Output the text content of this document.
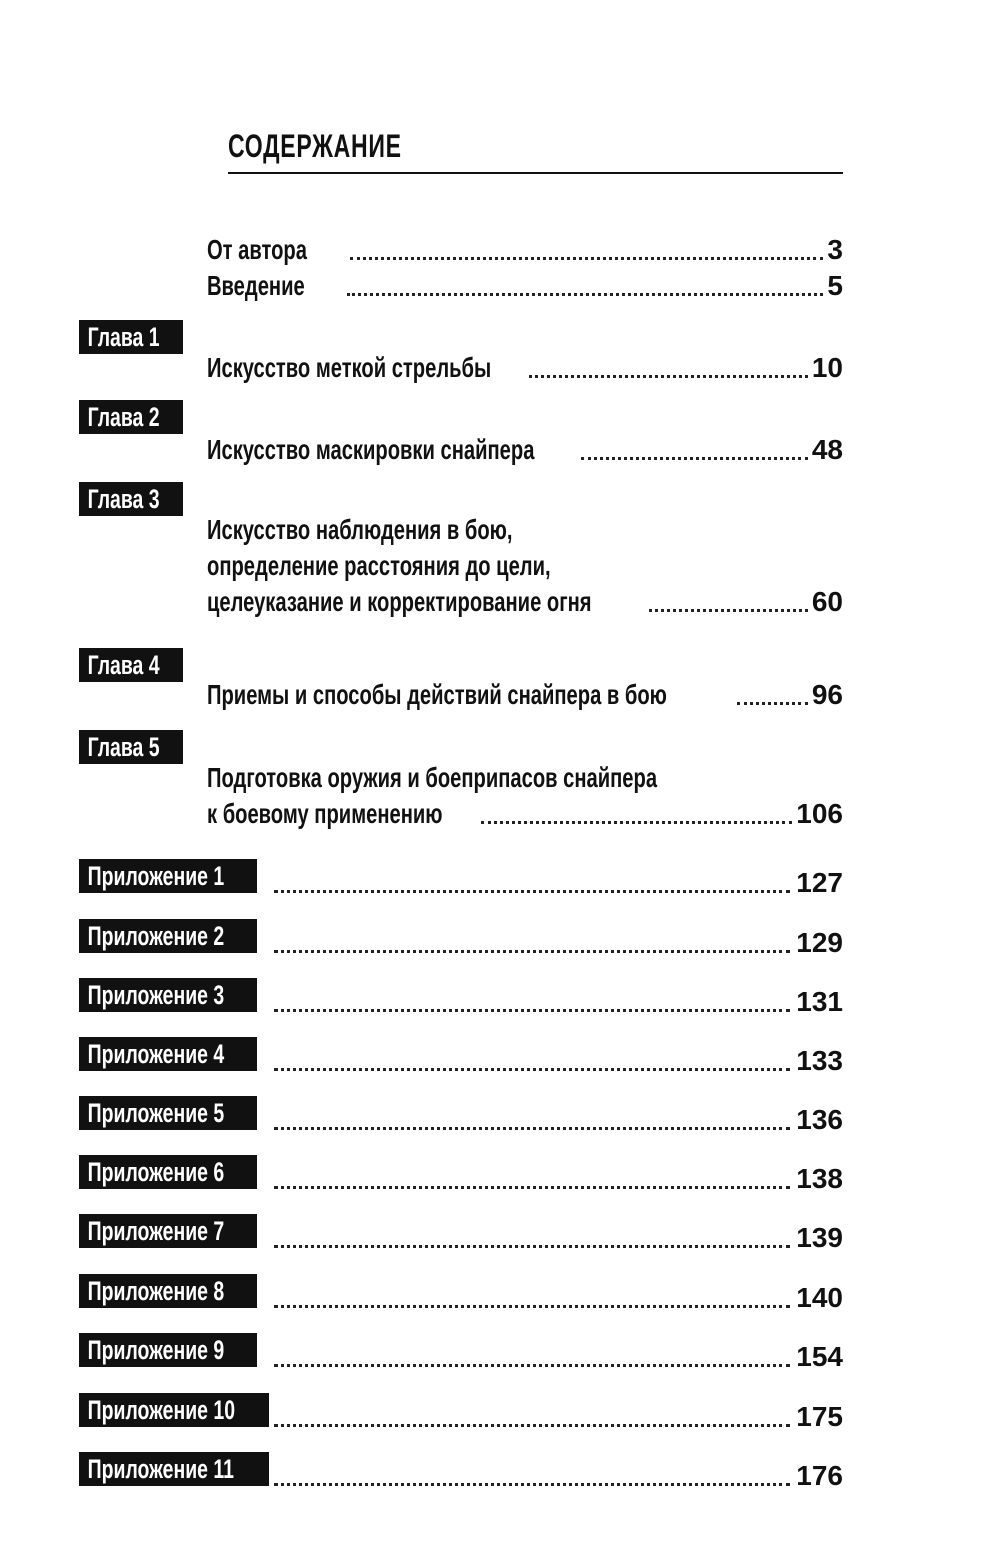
СОДЕРЖАНИЕ
От автора	3
Введение	5
Глава 1
Искусство меткой стрельбы	10
Глава 2
Искусство маскировки снайпера	48
Глава 3
Искусство наблюдения в бою,
определение расстояния до цели,
целеуказание и корректирование огня	60
Глава 4
Приемы и способы действий снайпера в бою	96
Глава 5
Подготовка оружия и боеприпасов снайпера
к боевому применению	106
Приложение 1	127
Приложение 2	129
Приложение 3	131
Приложение 4	133
Приложение 5	136
Приложение 6	138
Приложение 7	139
Приложение 8	140
Приложение 9	154
Приложение 10	175
Приложение 11	176
